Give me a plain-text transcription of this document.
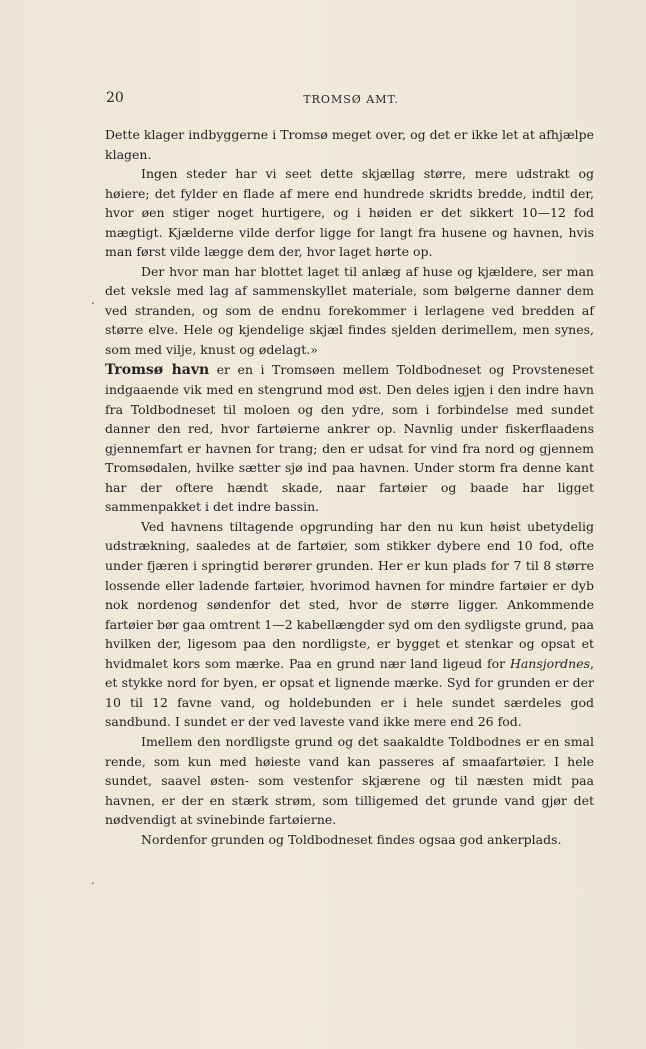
20	TROMSØ AMT.
.
.

Dette klager indbyggerne i Tromsø meget over, og det er ikke let at afhjælpe klagen.

Ingen steder har vi seet dette skjællag større, mere udstrakt og høiere; det fylder en flade af mere end hundrede skridts bredde, indtil der, hvor øen stiger noget hurtigere, og i høiden er det sikkert 10—12 fod mægtigt. Kjælderne vilde derfor ligge for langt fra husene og havnen, hvis man først vilde lægge dem der, hvor laget hørte op.

Der hvor man har blottet laget til anlæg af huse og kjældere, ser man det veksle med lag af sammenskyllet materiale, som bølgerne danner dem ved stranden, og som de endnu forekommer i lerlagene ved bredden af større elve. Hele og kjendelige skjæl findes sjelden derimellem, men synes, som med vilje, knust og ødelagt.»

Tromsø havn er en i Tromsøen mellem Toldbodneset og Provsteneset indgaaende vik med en stengrund mod øst. Den deles igjen i den indre havn fra Toldbodneset til moloen og den ydre, som i forbindelse med sundet danner den red, hvor fartøierne ankrer op. Navnlig under fiskerflaadens gjennemfart er havnen for trang; den er udsat for vind fra nord og gjennem Tromsødalen, hvilke sætter sjø ind paa havnen. Under storm fra denne kant har der oftere hændt skade, naar fartøier og baade har ligget sammenpakket i det indre bassin.

Ved havnens tiltagende opgrunding har den nu kun høist ubetydelig udstrækning, saaledes at de fartøier, som stikker dybere end 10 fod, ofte under fjæren i springtid berører grunden. Her er kun plads for 7 til 8 større lossende eller ladende fartøier, hvorimod havnen for mindre fartøier er dyb nok nordenog søndenfor det sted, hvor de større ligger. Ankommende fartøier bør gaa omtrent 1—2 kabellængder syd om den sydligste grund, paa hvilken der, ligesom paa den nordligste, er bygget et stenkar og opsat et hvidmalet kors som mærke. Paa en grund nær land ligeud for Hansjordnes, et stykke nord for byen, er opsat et lignende mærke. Syd for grunden er der 10 til 12 favne vand, og holdebunden er i hele sundet særdeles god sandbund. I sundet er der ved laveste vand ikke mere end 26 fod.

Imellem den nordligste grund og det saakaldte Toldbodnes er en smal rende, som kun med høieste vand kan passeres af smaafartøier. I hele sundet, saavel østen- som vestenfor skjærene og til næsten midt paa havnen, er der en stærk strøm, som tilligemed det grunde vand gjør det nødvendigt at svinebinde fartøierne.

Nordenfor grunden og Toldbodneset findes ogsaa god ankerplads.
